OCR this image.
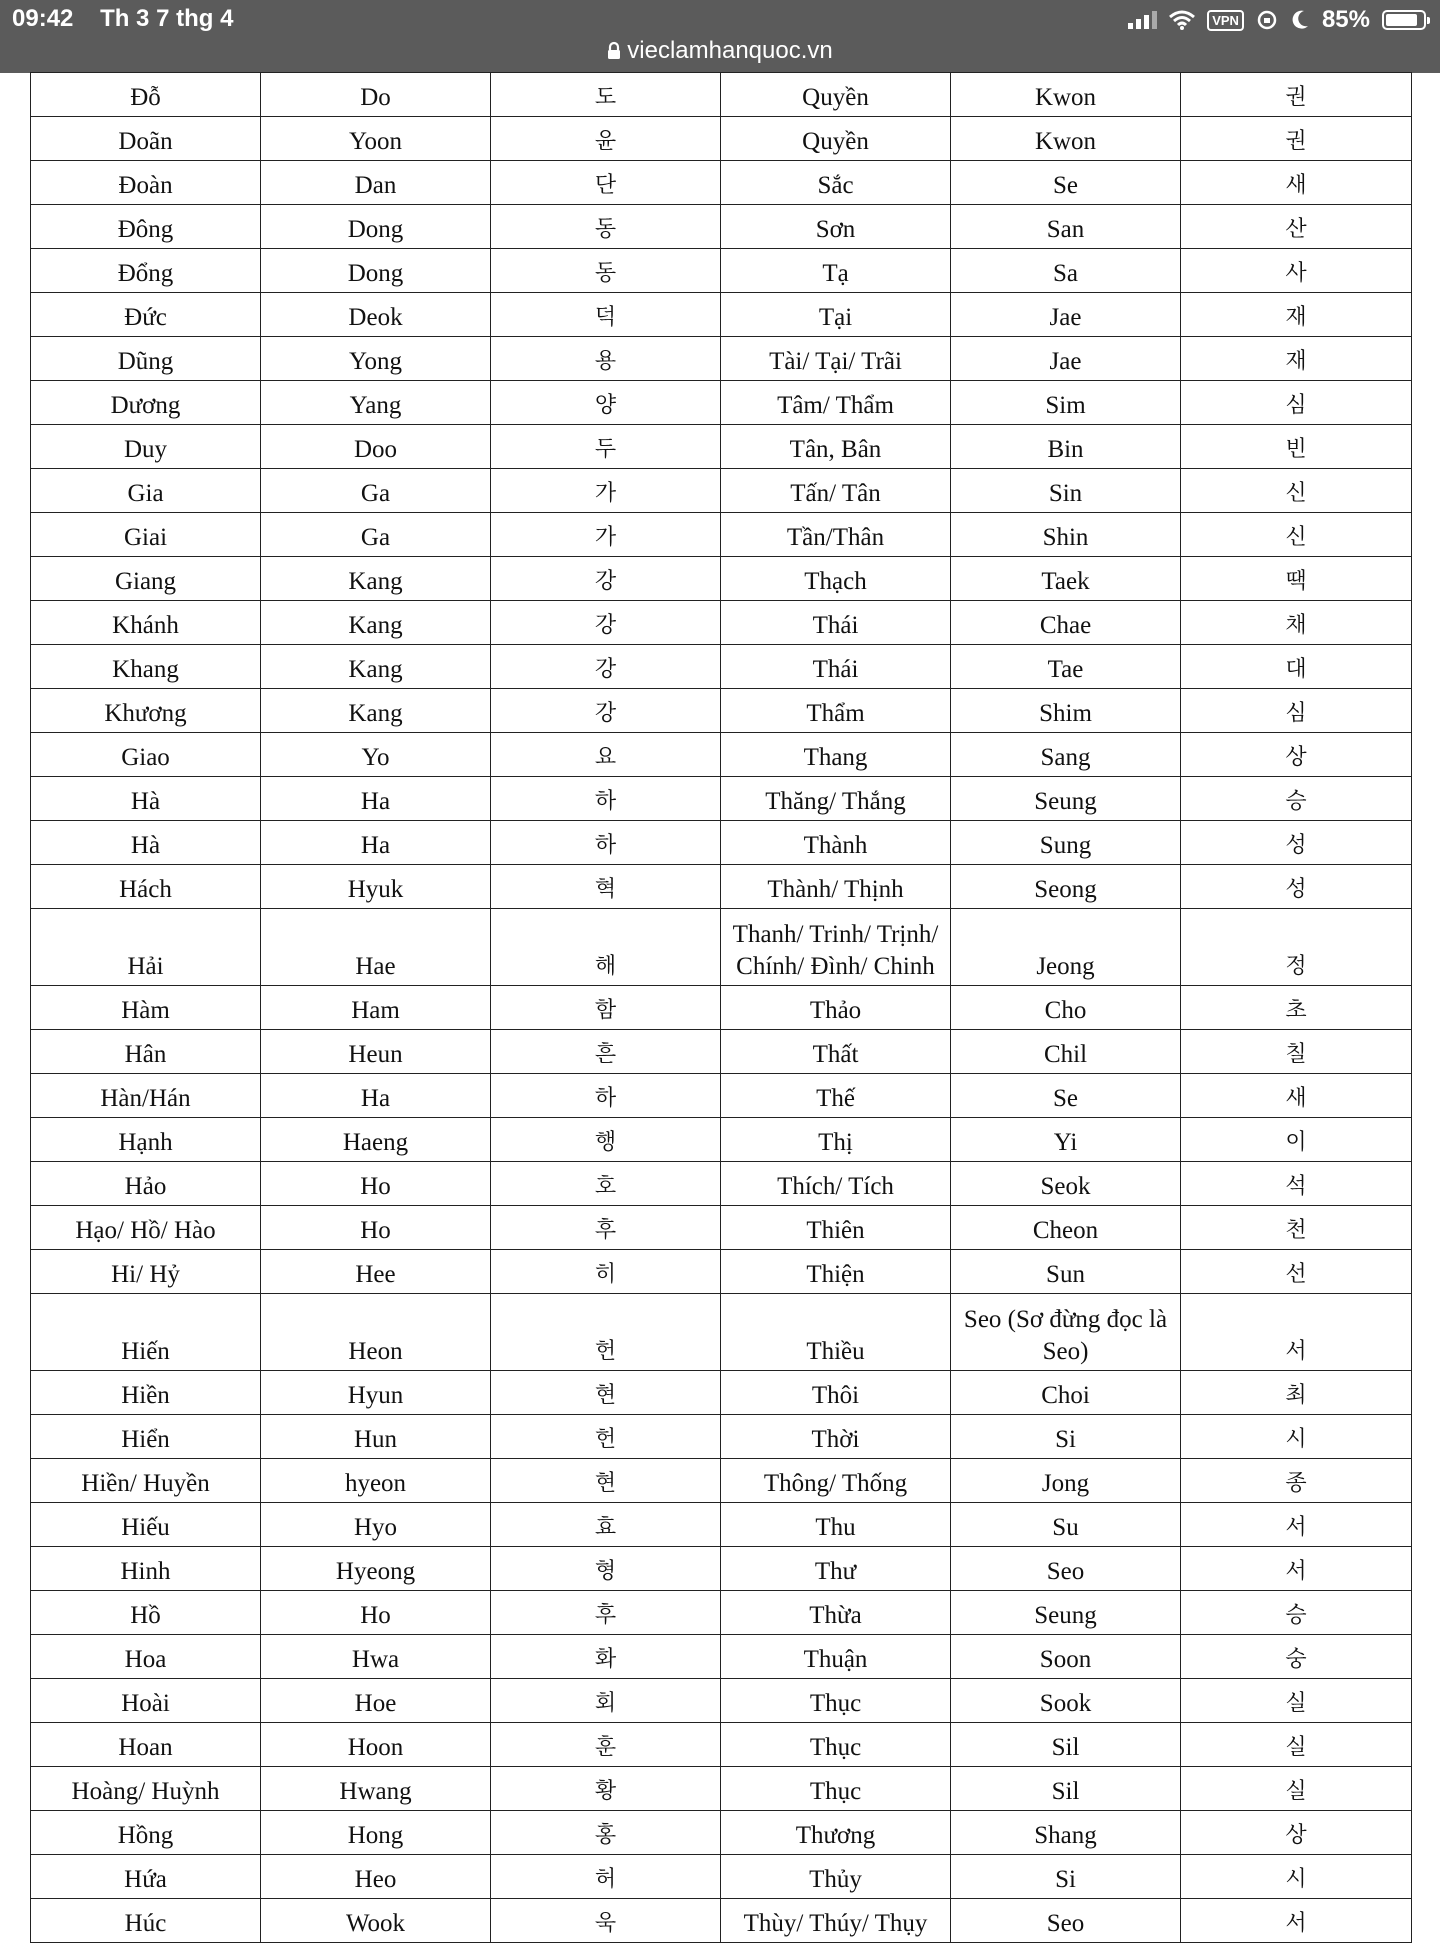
09:42 Th 3 7 thg 4	VPN	85%
vieclamhanquoc.vn
Đỗ	Do	도	Quyền	Kwon	권
Doãn	Yoon	윤	Quyền	Kwon	권
Đoàn	Dan	단	Sắc	Se	새
Đông	Dong	동	Sơn	San	산
Đổng	Dong	동	Tạ	Sa	사
Đức	Deok	덕	Tại	Jae	재
Dũng	Yong	용	Tài/ Tại/ Trãi	Jae	재
Dương	Yang	양	Tâm/ Thẩm	Sim	심
Duy	Doo	두	Tân, Bân	Bin	빈
Gia	Ga	가	Tấn/ Tân	Sin	신
Giai	Ga	가	Tần/Thân	Shin	신
Giang	Kang	강	Thạch	Taek	땍
Khánh	Kang	강	Thái	Chae	채
Khang	Kang	강	Thái	Tae	대
Khương	Kang	강	Thẩm	Shim	심
Giao	Yo	요	Thang	Sang	상
Hà	Ha	하	Thăng/ Thắng	Seung	승
Hà	Ha	하	Thành	Sung	성
Hách	Hyuk	혁	Thành/ Thịnh	Seong	성
Hải	Hae	해	Thanh/ Trinh/ Trịnh/ Chính/ Đình/ Chinh	Jeong	정
Hàm	Ham	함	Thảo	Cho	초
Hân	Heun	흔	Thất	Chil	칠
Hàn/Hán	Ha	하	Thế	Se	새
Hạnh	Haeng	행	Thị	Yi	이
Hảo	Ho	호	Thích/ Tích	Seok	석
Hạo/ Hồ/ Hào	Ho	후	Thiên	Cheon	천
Hi/ Hỷ	Hee	히	Thiện	Sun	선
Hiến	Heon	헌	Thiều	Seo (Sơ đừng đọc là Seo)	서
Hiền	Hyun	현	Thôi	Choi	최
Hiển	Hun	헌	Thời	Si	시
Hiền/ Huyền	hyeon	현	Thông/ Thống	Jong	종
Hiếu	Hyo	효	Thu	Su	서
Hinh	Hyeong	형	Thư	Seo	서
Hồ	Ho	후	Thừa	Seung	승
Hoa	Hwa	화	Thuận	Soon	숭
Hoài	Hoe	회	Thục	Sook	실
Hoan	Hoon	훈	Thục	Sil	실
Hoàng/ Huỳnh	Hwang	황	Thục	Sil	실
Hồng	Hong	홍	Thương	Shang	상
Hứa	Heo	허	Thủy	Si	시
Húc	Wook	욱	Thùy/ Thúy/ Thụy	Seo	서
